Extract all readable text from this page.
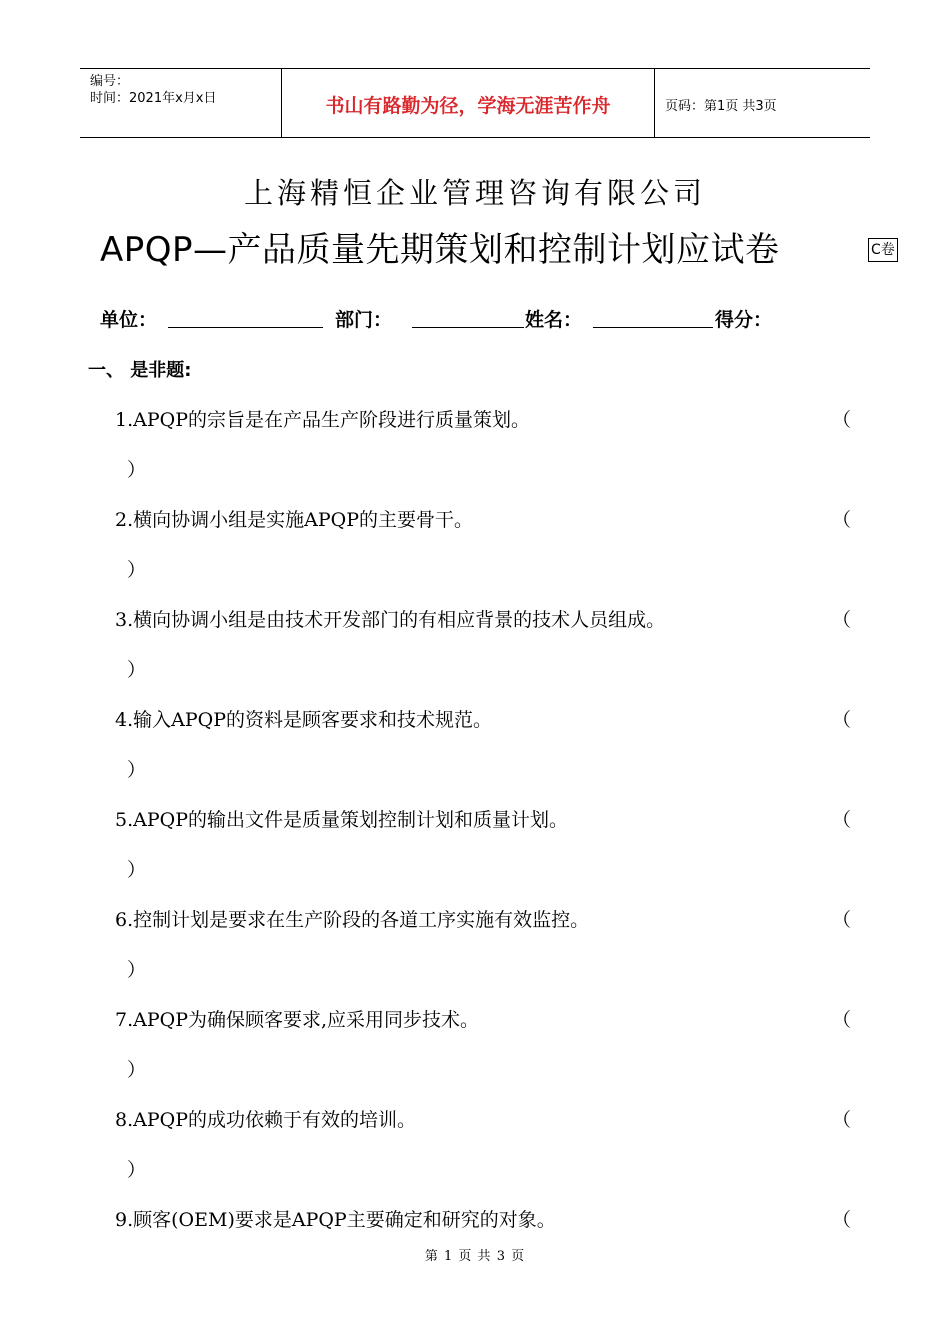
编号：
时间：2021年x月x日	书山有路勤为径，学海无涯苦作舟	页码：第1页 共3页
上海精恒企业管理咨询有限公司
APQP—产品质量先期策划和控制计划应试卷	C卷
单位：	部门：	姓名：	得分：
一、 是非题:
1.APQP的宗旨是在产品生产阶段进行质量策划。	（
）
2.横向协调小组是实施APQP的主要骨干。	（
）
3.横向协调小组是由技术开发部门的有相应背景的技术人员组成。	（
）
4.输入APQP的资料是顾客要求和技术规范。	（
）
5.APQP的输出文件是质量策划控制计划和质量计划。	（
）
6.控制计划是要求在生产阶段的各道工序实施有效监控。	（
）
7.APQP为确保顾客要求,应采用同步技术。	（
）
8.APQP的成功依赖于有效的培训。	（
）
9.顾客(OEM)要求是APQP主要确定和研究的对象。	（
第 1 页 共 3 页
